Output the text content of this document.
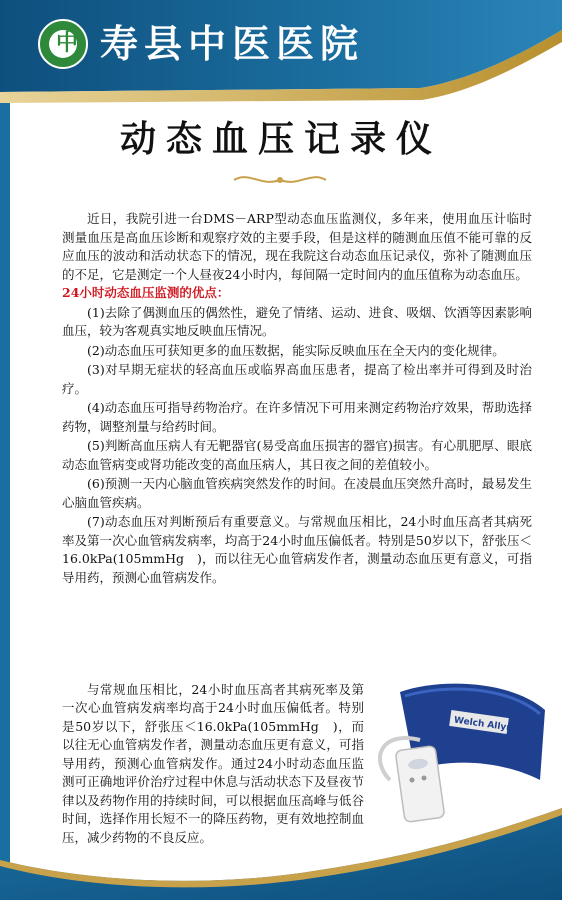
中 寿县中医医院
动态血压记录仪

近日，我院引进一台DMS－ARP型动态血压监测仪，多年来，使用血压计临时测量血压是高血压诊断和观察疗效的主要手段，但是这样的随测血压值不能可靠的反应血压的波动和活动状态下的情况，现在我院这台动态血压记录仪，弥补了随测血压的不足，它是测定一个人昼夜24小时内，每间隔一定时间内的血压值称为动态血压。

24小时动态血压监测的优点：

(1)去除了偶测血压的偶然性，避免了情绪、运动、进食、吸烟、饮酒等因素影响血压，较为客观真实地反映血压情况。

(2)动态血压可获知更多的血压数据，能实际反映血压在全天内的变化规律。

(3)对早期无症状的轻高血压或临界高血压患者，提高了检出率并可得到及时治疗。

(4)动态血压可指导药物治疗。在许多情况下可用来测定药物治疗效果，帮助选择药物，调整剂量与给药时间。

(5)判断高血压病人有无靶器官(易受高血压损害的器官)损害。有心肌肥厚、眼底动态血管病变或肾功能改变的高血压病人，其日夜之间的差值较小。

(6)预测一天内心脑血管疾病突然发作的时间。在凌晨血压突然升高时，最易发生心脑血管疾病。

(7)动态血压对判断预后有重要意义。与常规血压相比，24小时血压高者其病死率及第一次心血管病发病率，均高于24小时血压偏低者。特别是50岁以下，舒张压＜16.0kPa(105mmHg　)，而以往无心血管病发作者，测量动态血压更有意义，可指导用药，预测心血管病发作。

与常规血压相比，24小时血压高者其病死率及第一次心血管病发病率均高于24小时血压偏低者。特别是50岁以下，舒张压＜16.0kPa(105mmHg　)，而以往无心血管病发作者，测量动态血压更有意义，可指导用药，预测心血管病发作。通过24小时动态血压监测可正确地评价治疗过程中休息与活动状态下及昼夜节律以及药物作用的持续时间，可以根据血压高峰与低谷时间，选择作用长短不一的降压药物，更有效地控制血压，减少药物的不良反应。

Welch Allyn
